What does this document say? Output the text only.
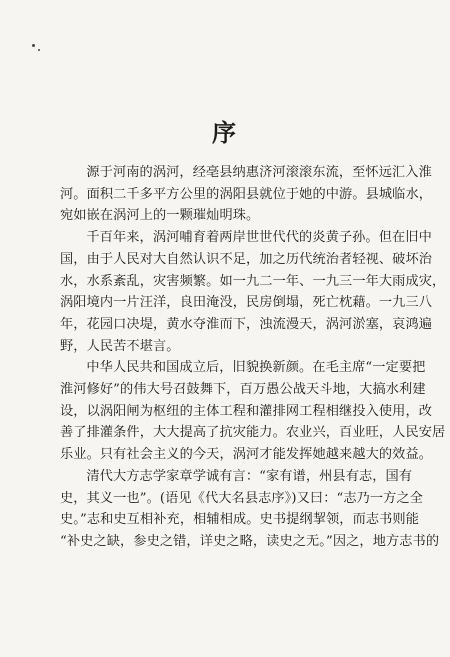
序

源于河南的涡河，经亳县纳惠济河滚滚东流，至怀远汇入淮
河。面积二千多平方公里的涡阳县就位于她的中游。县城临水，
宛如嵌在涡河上的一颗璀灿明珠。

千百年来，涡河哺育着两岸世世代代的炎黄子孙。但在旧中
国，由于人民对大自然认识不足，加之历代统治者轻视、破坏治
水，水系紊乱，灾害频繁。如一九二一年、一九三一年大雨成灾，
涡阳境内一片汪洋，良田淹没，民房倒塌，死亡枕藉。一九三八
年，花园口决堤，黄水夺淮而下，浊流漫天，涡河淤塞，哀鸿遍
野，人民苦不堪言。

中华人民共和国成立后，旧貌换新颜。在毛主席“一定要把
淮河修好”的伟大号召鼓舞下，百万愚公战天斗地，大搞水利建
设，以涡阳闸为枢纽的主体工程和灌排网工程相继投入使用，改
善了排灌条件，大大提高了抗灾能力。农业兴，百业旺，人民安居
乐业。只有社会主义的今天，涡河才能发挥她越来越大的效益。

清代大方志学家章学诚有言：“家有谱，州县有志，国有
史，其义一也”。(语见《代大名县志序》)又曰：“志乃一方之全
史。”志和史互相补充，相辅相成。史书提纲挈领，而志书则能
“补史之缺，参史之错，详史之略，读史之无。”因之，地方志书的
